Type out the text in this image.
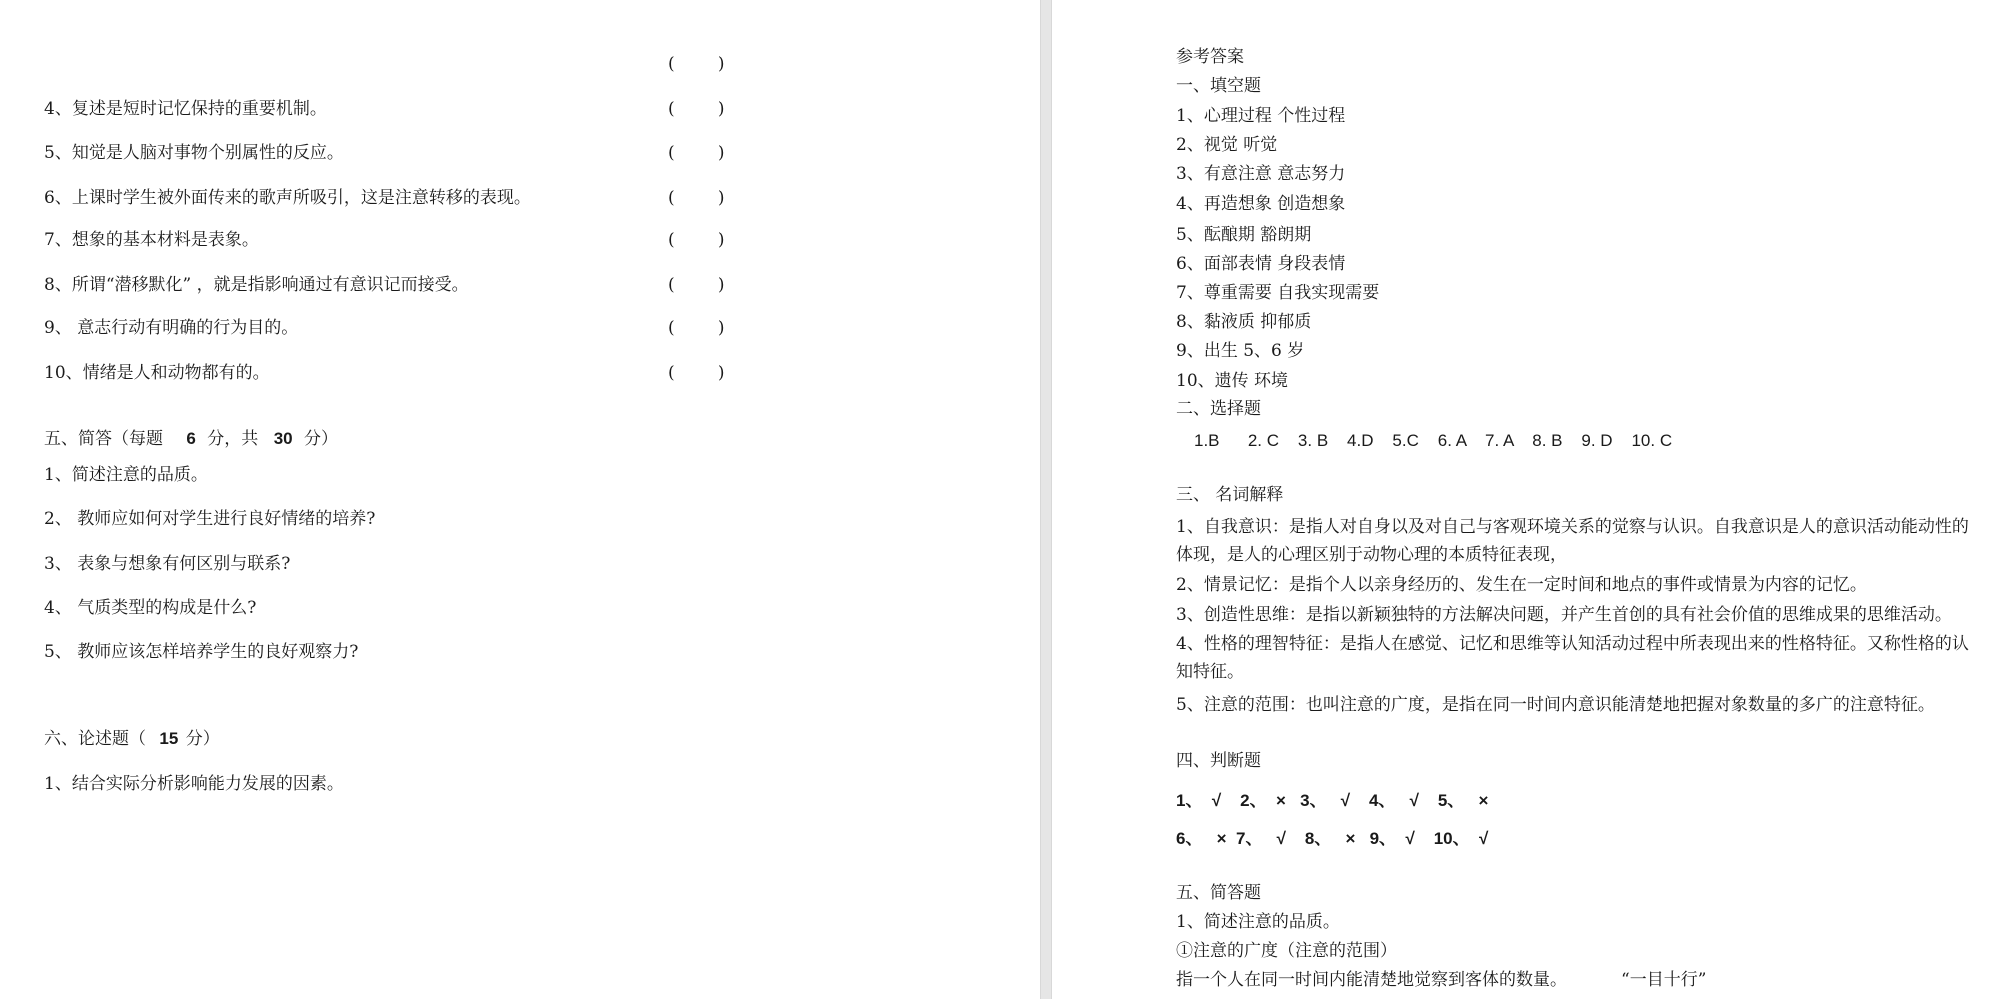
(        )
4、复述是短时记忆保持的重要机制。	(        )
5、知觉是人脑对事物个别属性的反应。	(        )
6、上课时学生被外面传来的歌声所吸引，这是注意转移的表现。	(        )
7、想象的基本材料是表象。	(        )
8、所谓“潜移默化” ，就是指影响通过有意识记而接受。	(        )
9、 意志行动有明确的行为目的。	(        )
10、情绪是人和动物都有的。	(        )
五、简答（每题 6 分，共 30 分）
1、简述注意的品质。
2、 教师应如何对学生进行良好情绪的培养?
3、 表象与想象有何区别与联系?
4、 气质类型的构成是什么?
5、 教师应该怎样培养学生的良好观察力?
六、论述题（ 15 分）
1、结合实际分析影响能力发展的因素。
参考答案
一、填空题
1、心理过程 个性过程
2、视觉 听觉
3、有意注意 意志努力
4、再造想象 创造想象
5、酝酿期 豁朗期
6、面部表情 身段表情
7、尊重需要 自我实现需要
8、黏液质 抑郁质
9、出生 5、6 岁
10、遗传 环境
二、选择题
1.B      2. C    3. B    4.D    5.C    6. A    7. A    8. B    9. D    10. C
三、 名词解释
1、自我意识：是指人对自身以及对自己与客观环境关系的觉察与认识。自我意识是人的意识活动能动性的体现，是人的心理区别于动物心理的本质特征表现，
2、情景记忆：是指个人以亲身经历的、发生在一定时间和地点的事件或情景为内容的记忆。
3、创造性思维：是指以新颖独特的方法解决问题，并产生首创的具有社会价值的思维成果的思维活动。
4、性格的理智特征：是指人在感觉、记忆和思维等认知活动过程中所表现出来的性格特征。又称性格的认知特征。
5、注意的范围：也叫注意的广度，是指在同一时间内意识能清楚地把握对象数量的多广的注意特征。
四、判断题
1、  √    2、  ×   3、   √    4、   √    5、   ×
6、   ×  7、   √    8、   ×   9、  √    10、  √
五、简答题
1、简述注意的品质。
①注意的广度（注意的范围）
指一个人在同一时间内能清楚地觉察到客体的数量。          “一目十行”
